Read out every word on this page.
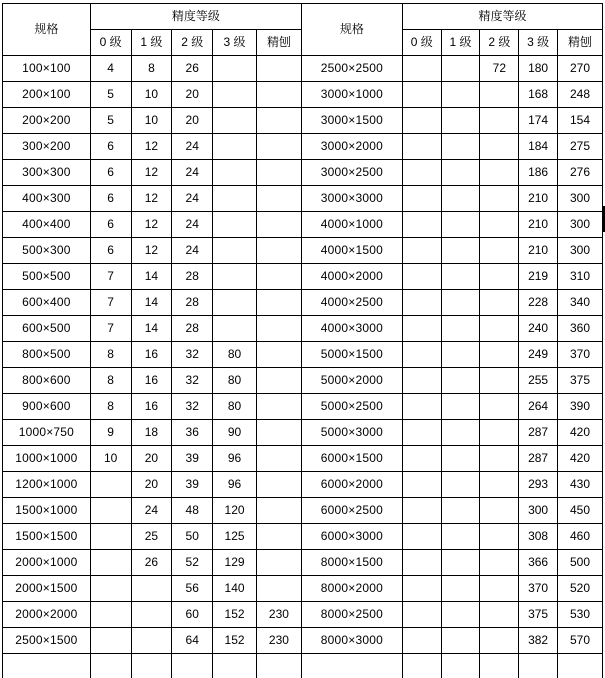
规格	精度等级					规格	精度等级				
	0 级	1 级	2 级	3 级	精刨		0 级	1 级	2 级	3 级	精刨
100×100	4	8	26			2500×2500			72	180	270
200×100	5	10	20			3000×1000				168	248
200×200	5	10	20			3000×1500				174	154
300×200	6	12	24			3000×2000				184	275
300×300	6	12	24			3000×2500				186	276
400×300	6	12	24			3000×3000				210	300
400×400	6	12	24			4000×1000				210	300
500×300	6	12	24			4000×1500				210	300
500×500	7	14	28			4000×2000				219	310
600×400	7	14	28			4000×2500				228	340
600×500	7	14	28			4000×3000				240	360
800×500	8	16	32	80		5000×1500				249	370
800×600	8	16	32	80		5000×2000				255	375
900×600	8	16	32	80		5000×2500				264	390
1000×750	9	18	36	90		5000×3000				287	420
1000×1000	10	20	39	96		6000×1500				287	420
1200×1000		20	39	96		6000×2000				293	430
1500×1000		24	48	120		6000×2500				300	450
1500×1500		25	50	125		6000×3000				308	460
2000×1000		26	52	129		8000×1500				366	500
2000×1500			56	140		8000×2000				370	520
2000×2000			60	152	230	8000×2500				375	530
2500×1500			64	152	230	8000×3000				382	570
